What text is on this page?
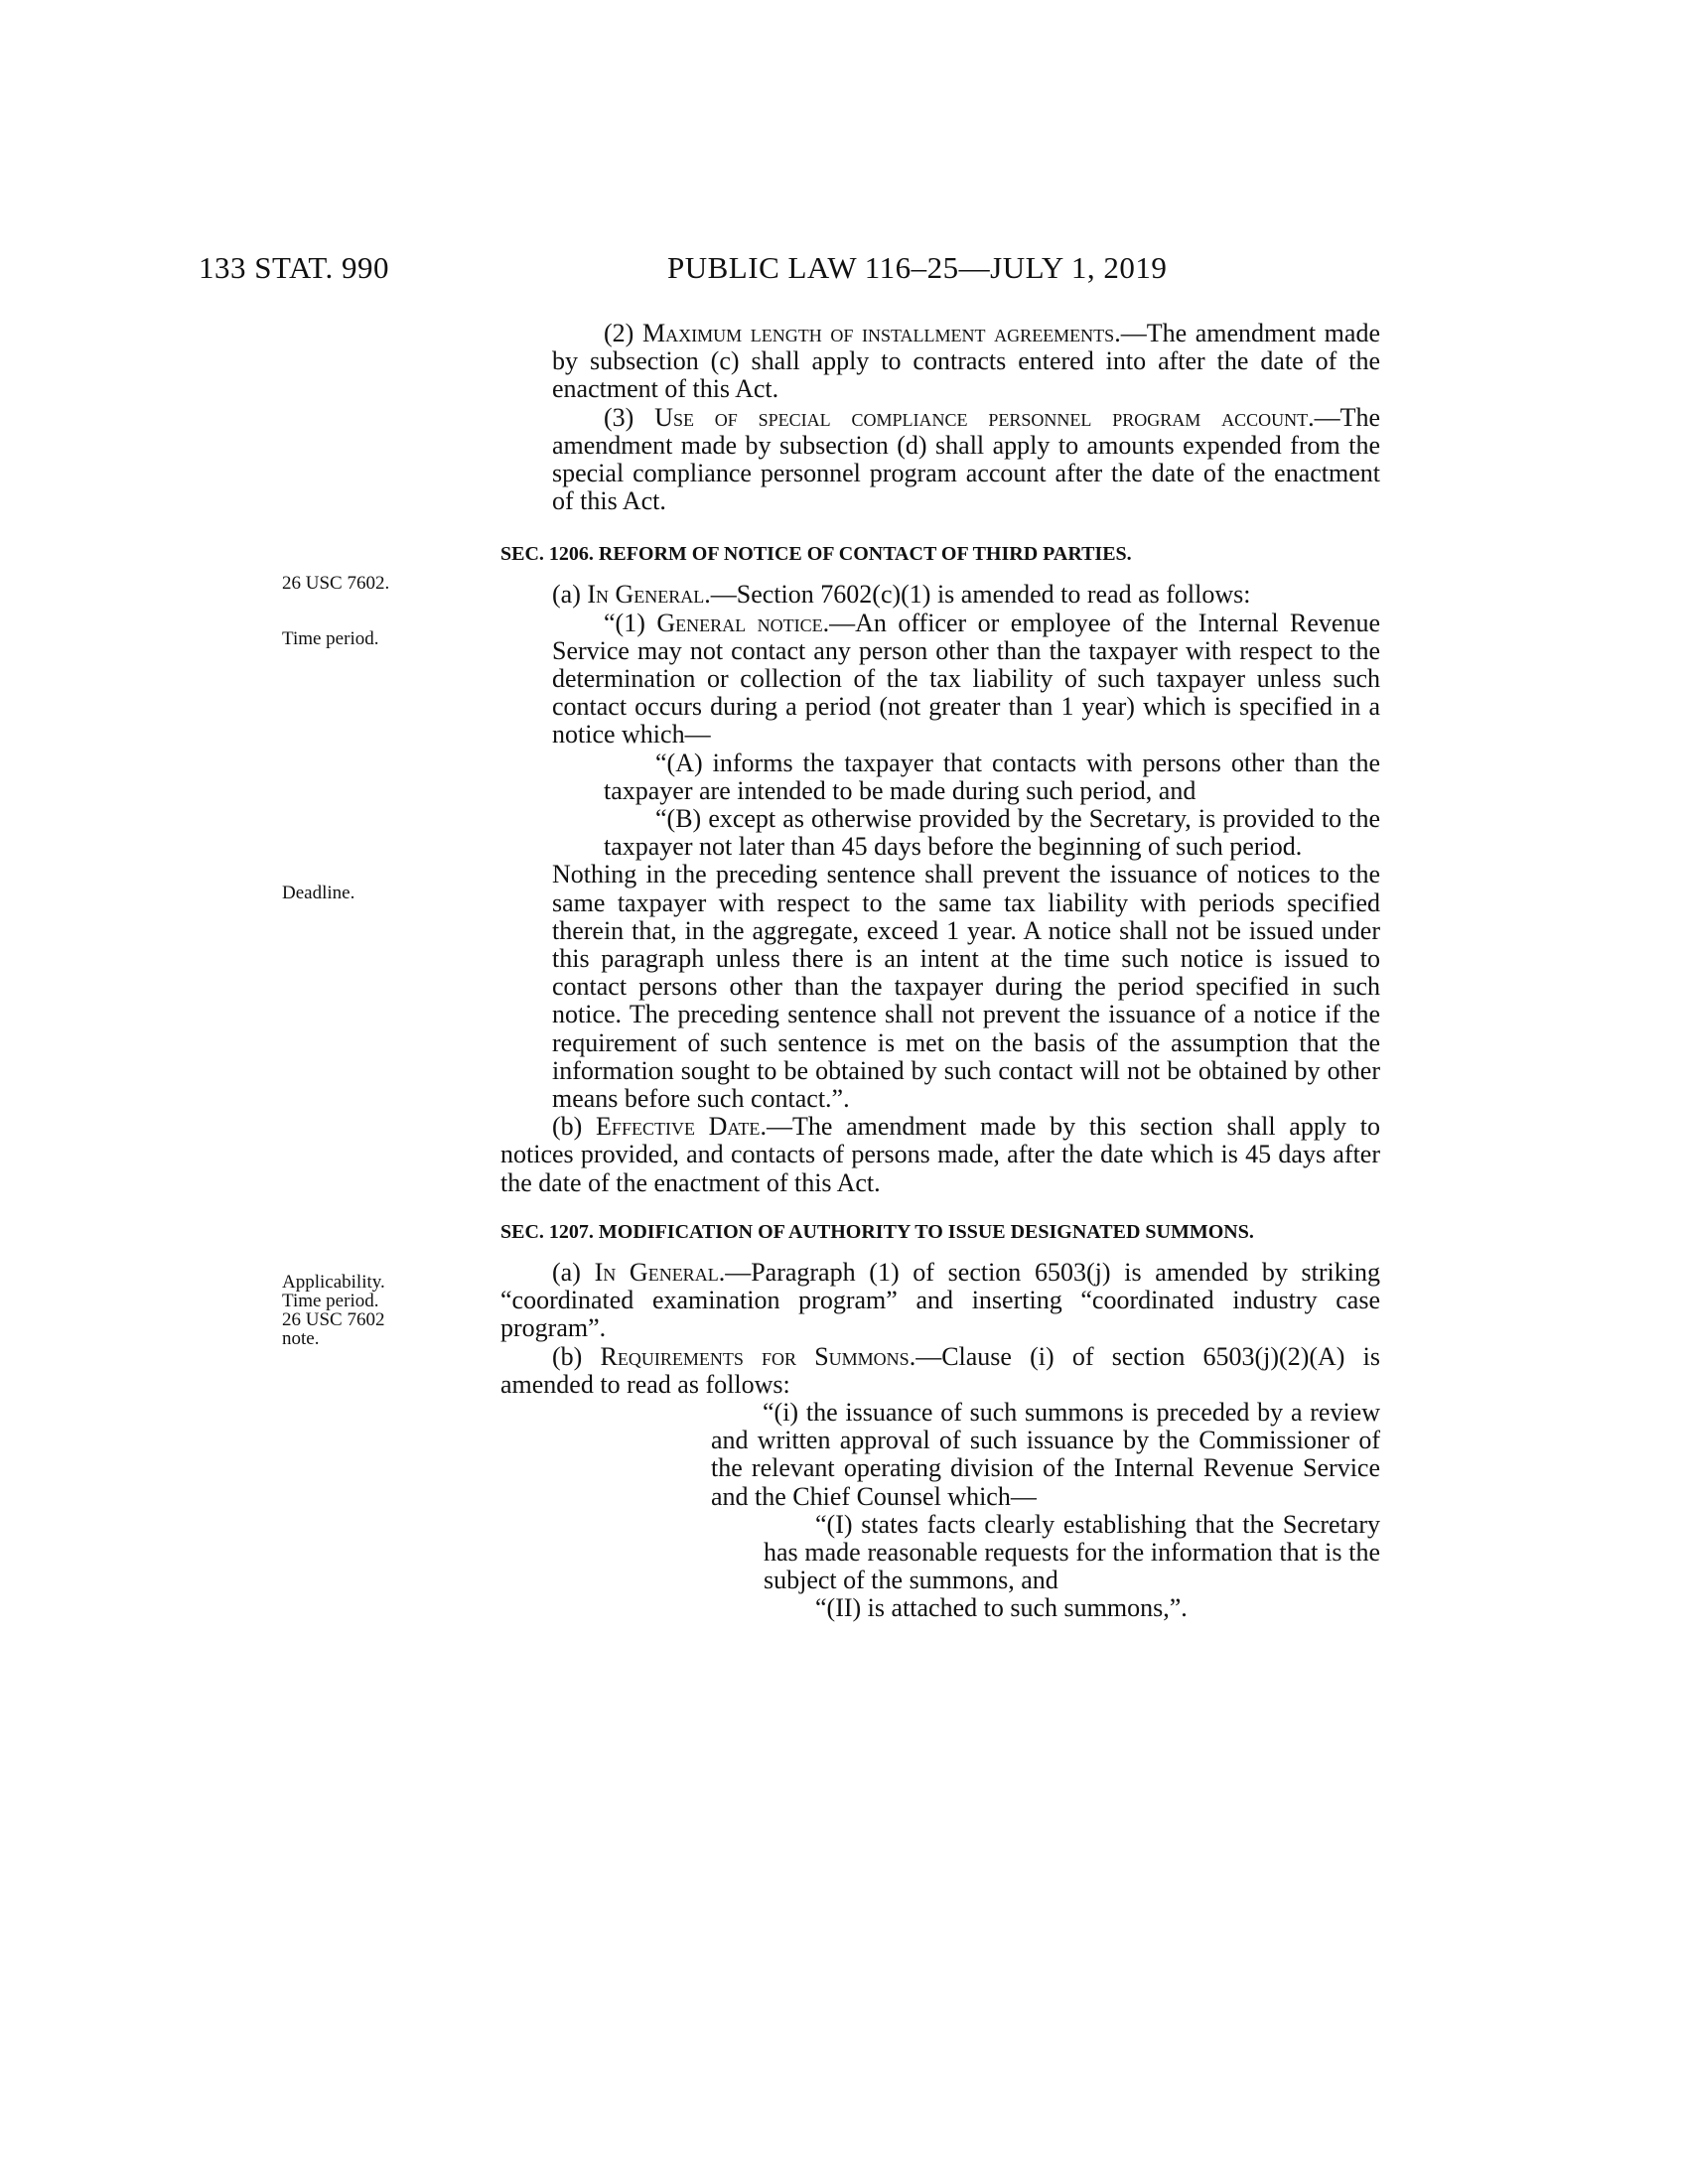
133 STAT. 990	PUBLIC LAW 116–25—JULY 1, 2019
26 USC 7602.
Time period.
Deadline.
Applicability.
Time period.
26 USC 7602
note.

(2) Maximum length of installment agreements.—The amendment made by subsection (c) shall apply to contracts entered into after the date of the enactment of this Act.

(3) Use of special compliance personnel program account.—The amendment made by subsection (d) shall apply to amounts expended from the special compliance personnel program account after the date of the enactment of this Act.

SEC. 1206. REFORM OF NOTICE OF CONTACT OF THIRD PARTIES.

(a) In General.—Section 7602(c)(1) is amended to read as follows:

“(1) General notice.—An officer or employee of the Internal Revenue Service may not contact any person other than the taxpayer with respect to the determination or collection of the tax liability of such taxpayer unless such contact occurs during a period (not greater than 1 year) which is specified in a notice which—

“(A) informs the taxpayer that contacts with persons other than the taxpayer are intended to be made during such period, and

“(B) except as otherwise provided by the Secretary, is provided to the taxpayer not later than 45 days before the beginning of such period.

Nothing in the preceding sentence shall prevent the issuance of notices to the same taxpayer with respect to the same tax liability with periods specified therein that, in the aggregate, exceed 1 year. A notice shall not be issued under this paragraph unless there is an intent at the time such notice is issued to contact persons other than the taxpayer during the period specified in such notice. The preceding sentence shall not prevent the issuance of a notice if the requirement of such sentence is met on the basis of the assumption that the information sought to be obtained by such contact will not be obtained by other means before such contact.”.

(b) Effective Date.—The amendment made by this section shall apply to notices provided, and contacts of persons made, after the date which is 45 days after the date of the enactment of this Act.

SEC. 1207. MODIFICATION OF AUTHORITY TO ISSUE DESIGNATED SUMMONS.

(a) In General.—Paragraph (1) of section 6503(j) is amended by striking “coordinated examination program” and inserting “coordinated industry case program”.

(b) Requirements for Summons.—Clause (i) of section 6503(j)(2)(A) is amended to read as follows:

“(i) the issuance of such summons is preceded by a review and written approval of such issuance by the Commissioner of the relevant operating division of the Internal Revenue Service and the Chief Counsel which—

“(I) states facts clearly establishing that the Secretary has made reasonable requests for the information that is the subject of the summons, and

“(II) is attached to such summons,”.
